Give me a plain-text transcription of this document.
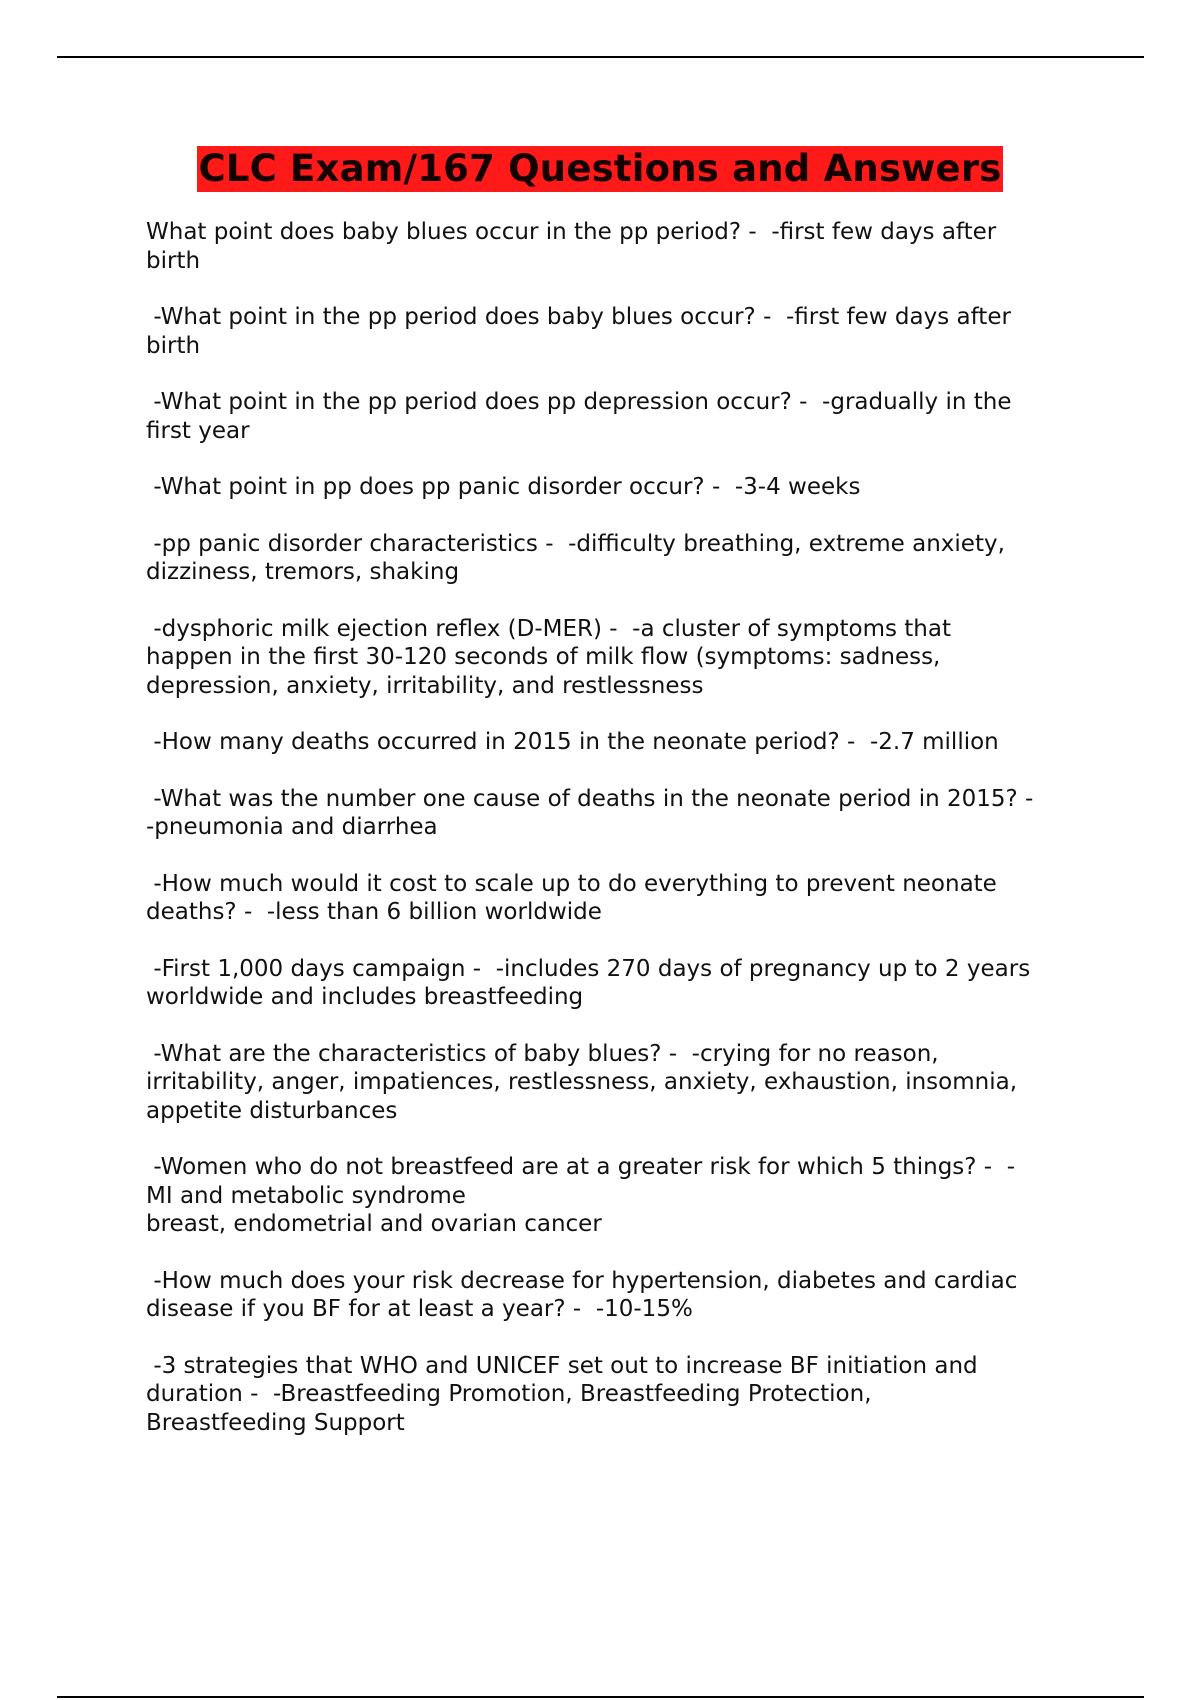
CLC Exam/167 Questions and Answers

What point does baby blues occur in the pp period? -  -first few days after
birth

-What point in the pp period does baby blues occur? -  -first few days after
birth

-What point in the pp period does pp depression occur? -  -gradually in the
first year

-What point in pp does pp panic disorder occur? -  -3-4 weeks

-pp panic disorder characteristics -  -difficulty breathing, extreme anxiety,
dizziness, tremors, shaking

-dysphoric milk ejection reflex (D-MER) -  -a cluster of symptoms that
happen in the first 30-120 seconds of milk flow (symptoms: sadness,
depression, anxiety, irritability, and restlessness

-How many deaths occurred in 2015 in the neonate period? -  -2.7 million

-What was the number one cause of deaths in the neonate period in 2015? -
-pneumonia and diarrhea

-How much would it cost to scale up to do everything to prevent neonate
deaths? -  -less than 6 billion worldwide

-First 1,000 days campaign -  -includes 270 days of pregnancy up to 2 years
worldwide and includes breastfeeding

-What are the characteristics of baby blues? -  -crying for no reason,
irritability, anger, impatiences, restlessness, anxiety, exhaustion, insomnia,
appetite disturbances

-Women who do not breastfeed are at a greater risk for which 5 things? -  -
MI and metabolic syndrome
breast, endometrial and ovarian cancer

-How much does your risk decrease for hypertension, diabetes and cardiac
disease if you BF for at least a year? -  -10-15%

-3 strategies that WHO and UNICEF set out to increase BF initiation and
duration -  -Breastfeeding Promotion, Breastfeeding Protection,
Breastfeeding Support
